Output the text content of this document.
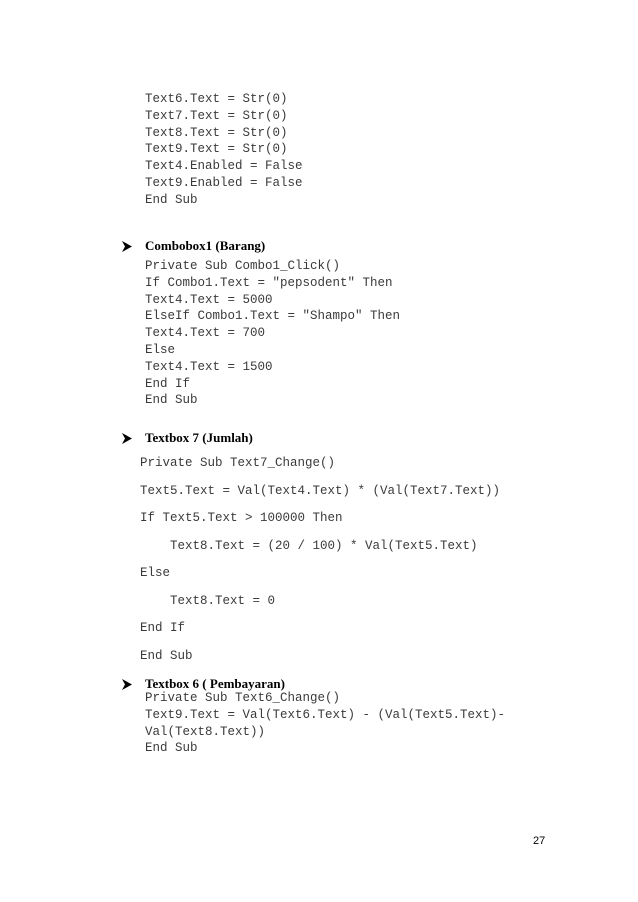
Text6.Text = Str(0)
Text7.Text = Str(0)
Text8.Text = Str(0)
Text9.Text = Str(0)
Text4.Enabled = False
Text9.Enabled = False
End Sub
Combobox1 (Barang)
Private Sub Combo1_Click()
If Combo1.Text = "pepsodent" Then
Text4.Text = 5000
ElseIf Combo1.Text = "Shampo" Then
Text4.Text = 700
Else
Text4.Text = 1500
End If
End Sub
Textbox 7 (Jumlah)
Private Sub Text7_Change()
Text5.Text = Val(Text4.Text) * (Val(Text7.Text))
If Text5.Text > 100000 Then
Text8.Text = (20 / 100) * Val(Text5.Text)
Else
Text8.Text = 0
End If
End Sub
Textbox 6 ( Pembayaran)
Private Sub Text6_Change()
Text9.Text = Val(Text6.Text) - (Val(Text5.Text)-
Val(Text8.Text))
End Sub
27
